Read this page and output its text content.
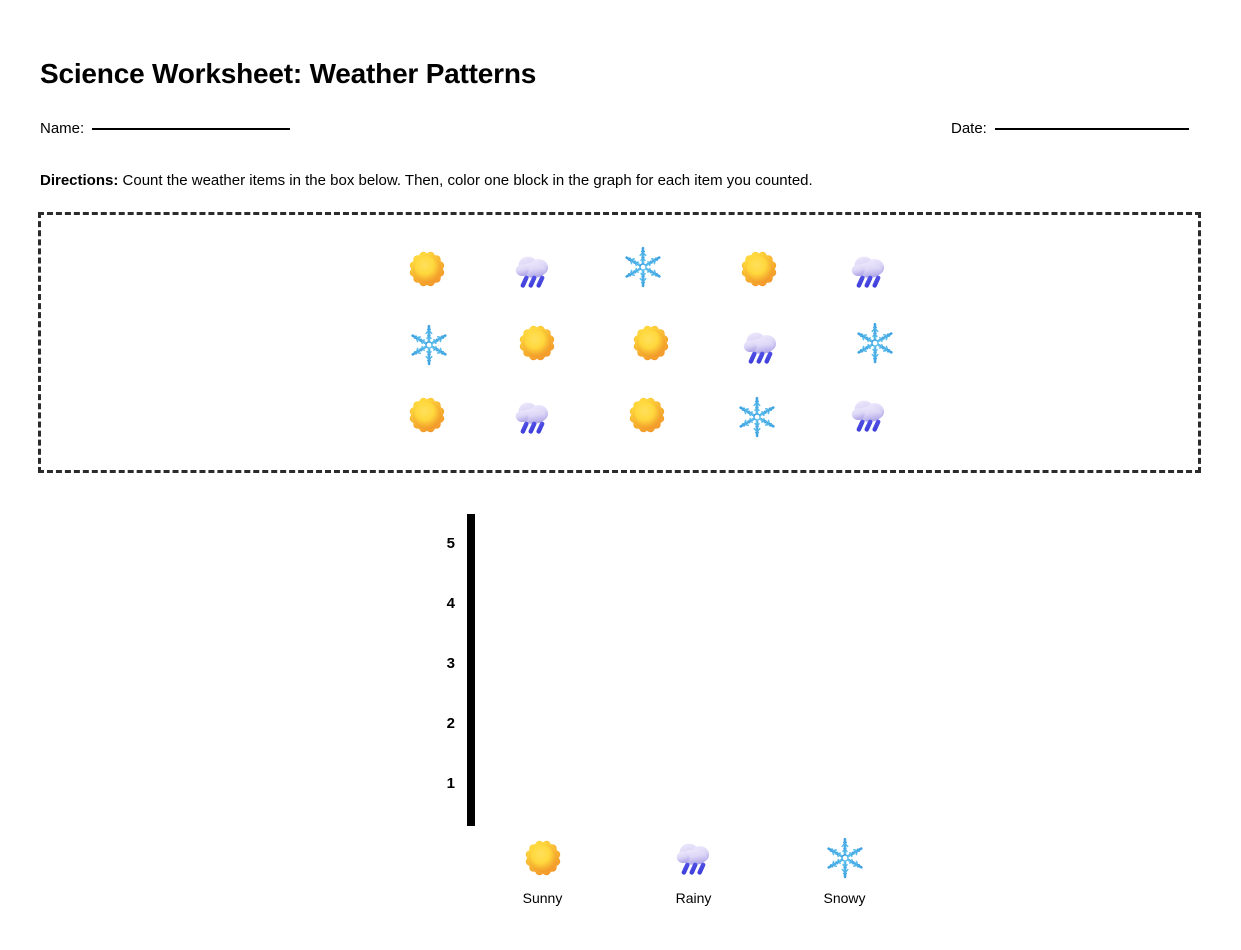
Science Worksheet: Weather Patterns
Name:	Date:
Directions: Count the weather items in the box below. Then, color one block in the graph for each item you counted.
5
4
3
2
1

Sunny	Rainy	Snowy
